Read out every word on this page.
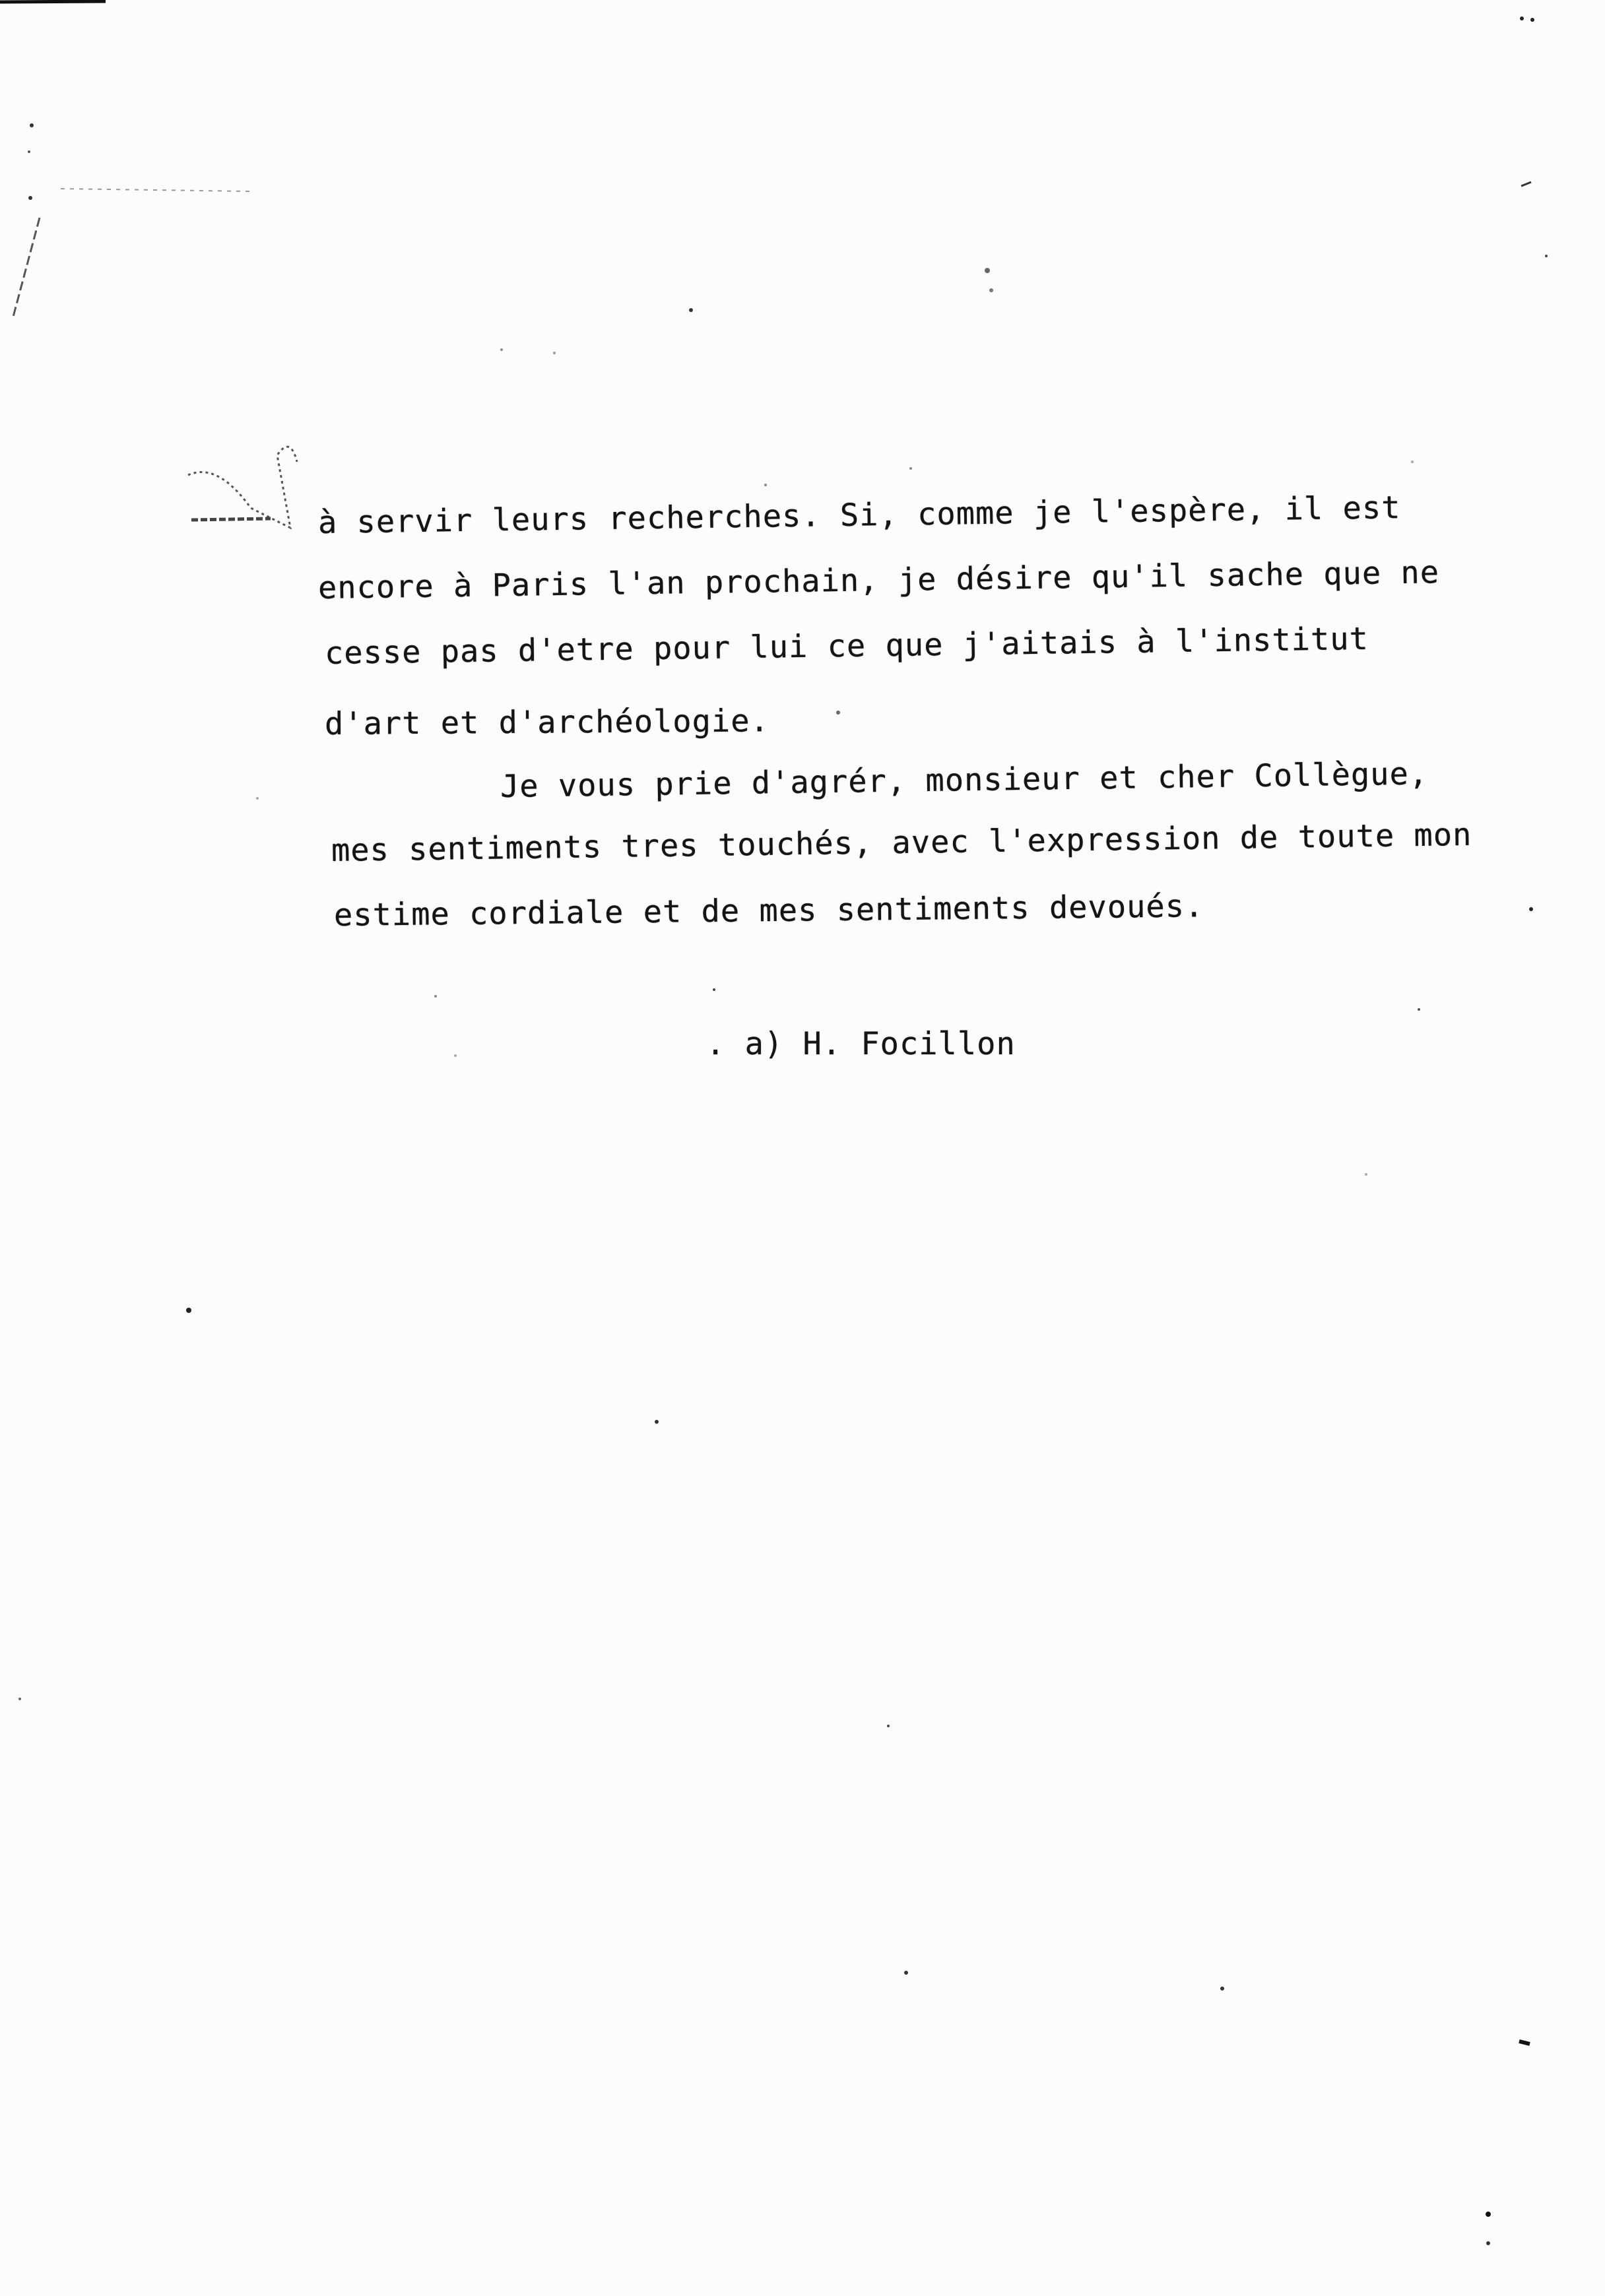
à servir leurs recherches. Si, comme je l'espère, il est
encore à Paris l'an prochain, je désire qu'il sache que ne
cesse pas d'etre pour lui ce que j'aitais à l'institut
d'art et d'archéologie.
Je vous prie d'agrér, monsieur et cher Collègue,
mes sentiments tres touchés, avec l'expression de toute mon
estime cordiale et de mes sentiments devoués.
. a) H. Focillon
